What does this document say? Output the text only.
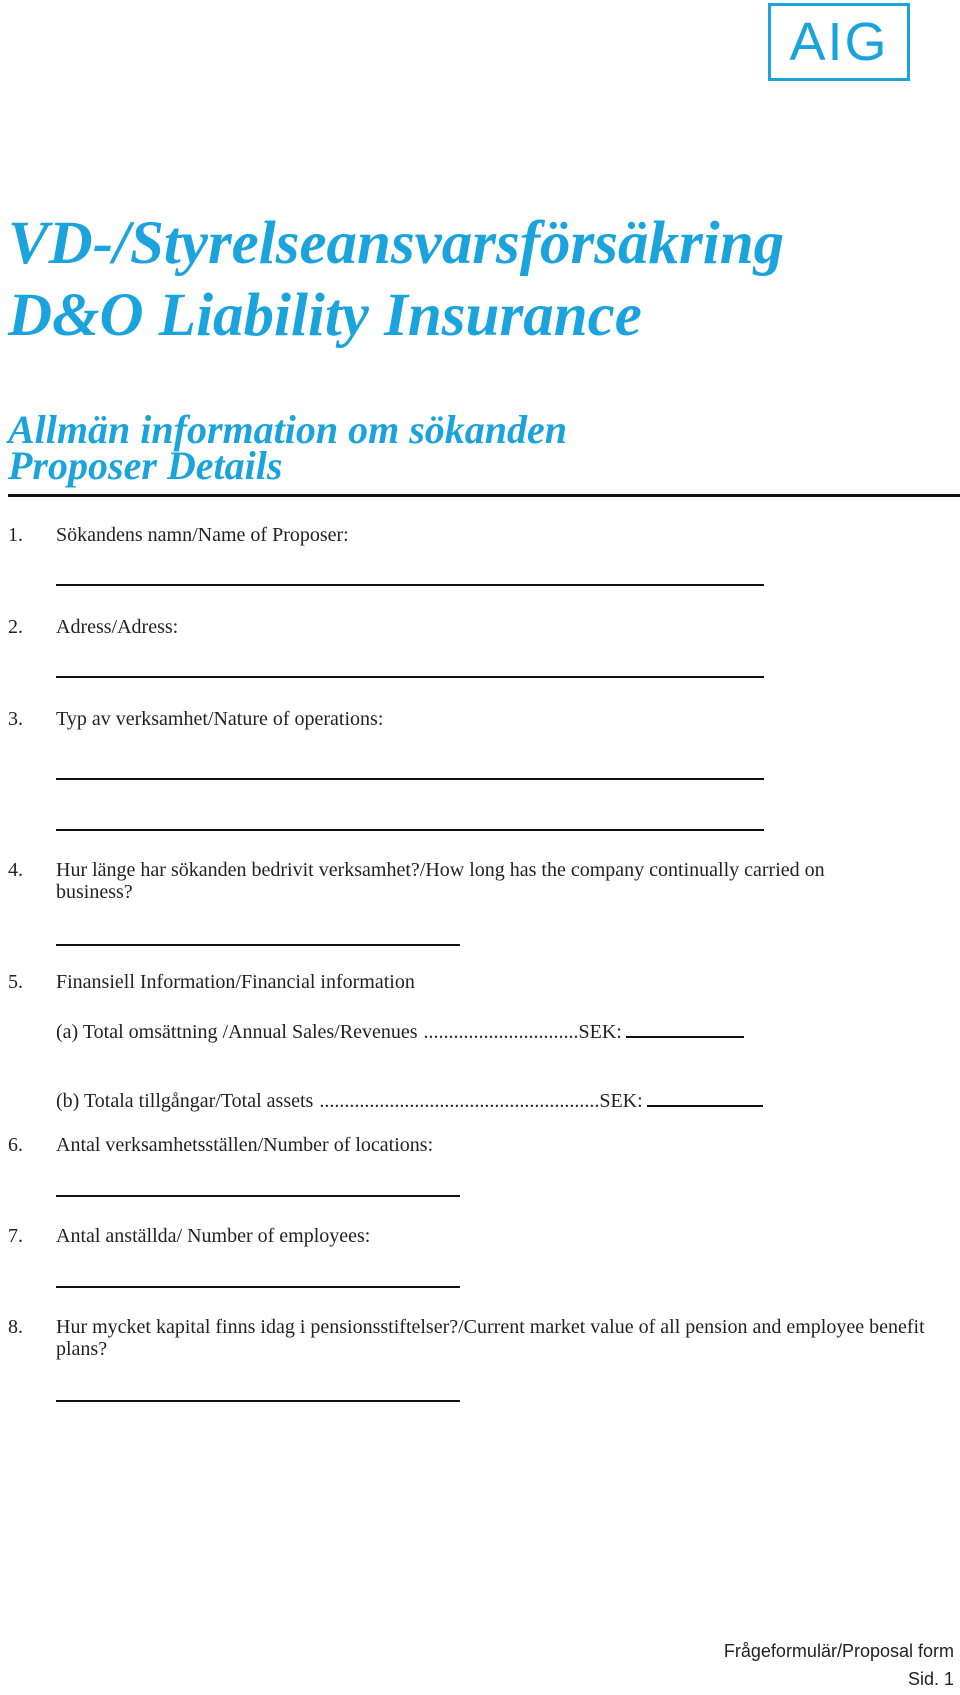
AIG
VD-/Styrelseansvarsförsäkring
D&O Liability Insurance
Allmän information om sökanden
Proposer Details
1. Sökandens namn/Name of Proposer:
2. Adress/Adress:
3. Typ av verksamhet/Nature of operations:
4. Hur länge har sökanden bedrivit verksamhet?/How long has the company continually carried on business?
5. Finansiell Information/Financial information
(a) Total omsättning /Annual Sales/Revenues ............................... SEK:
(b) Totala tillgångar/Total assets ........................................................ SEK:
6. Antal verksamhetsställen/Number of locations:
7. Antal anställda/ Number of employees:
8. Hur mycket kapital finns idag i pensionsstiftelser?/Current market value of all pension and employee benefit plans?
Frågeformulär/Proposal form
Sid. 1
